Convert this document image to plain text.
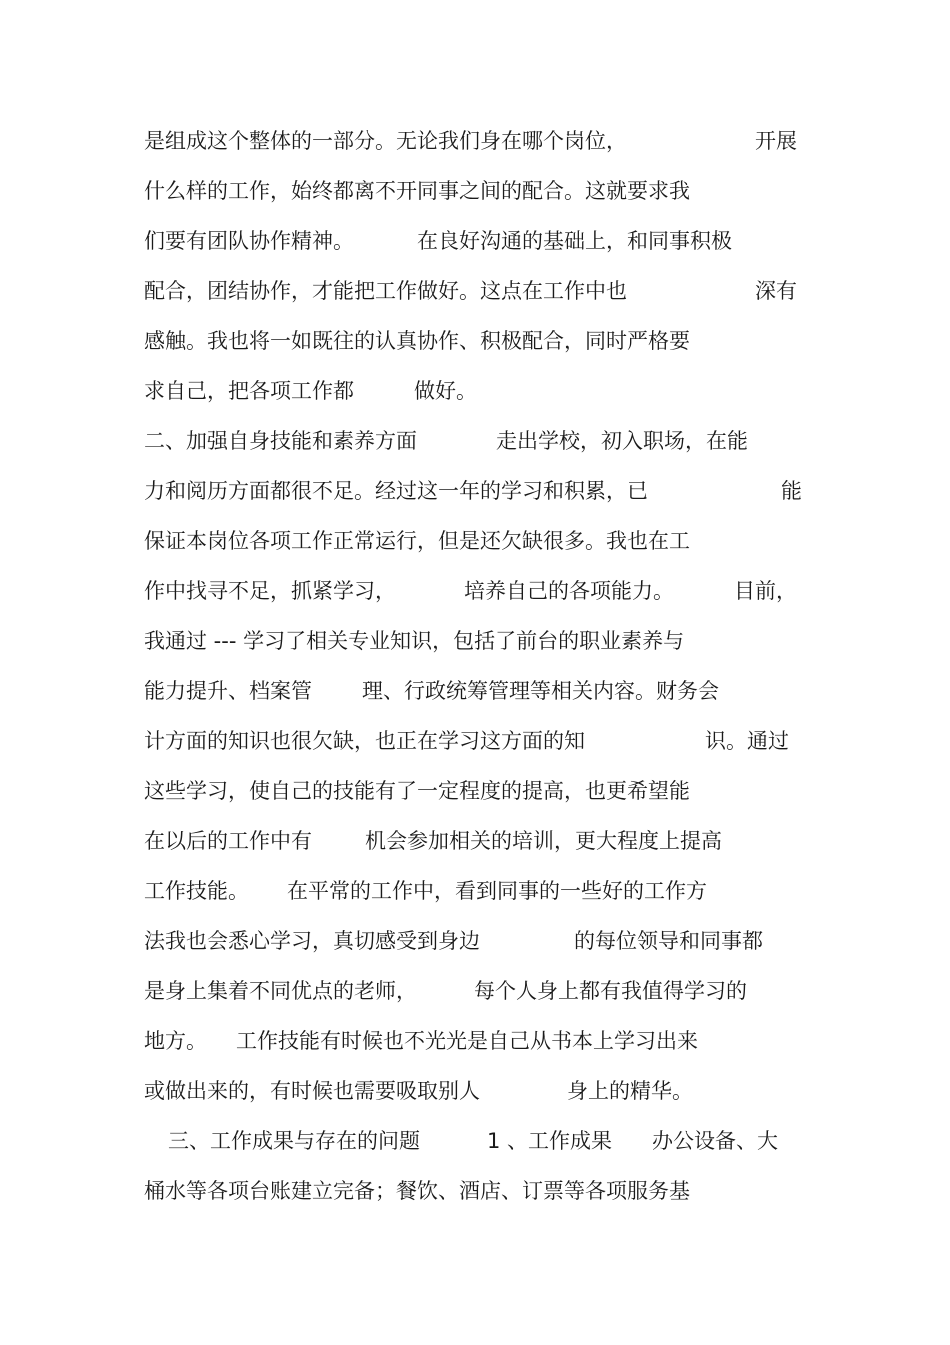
是组成这个整体的一部分。无论我们身在哪个岗位，	开展
什么样的工作，始终都离不开同事之间的配合。这就要求我
们要有团队协作精神。	在良好沟通的基础上，和同事积极
配合，团结协作，才能把工作做好。这点在工作中也	深有
感触。我也将一如既往的认真协作、积极配合，同时严格要
求自己，把各项工作都	做好。
二、加强自身技能和素养方面	走出学校，初入职场，在能
力和阅历方面都很不足。经过这一年的学习和积累，已	能
保证本岗位各项工作正常运行，但是还欠缺很多。我也在工
作中找寻不足，抓紧学习，	培养自己的各项能力。	目前，
我通过 --- 学习了相关专业知识，包括了前台的职业素养与
能力提升、档案管 理、行政统筹管理等相关内容。财务会
计方面的知识也很欠缺，也正在学习这方面的知	识。通过
这些学习，使自己的技能有了一定程度的提高，也更希望能
在以后的工作中有	机会参加相关的培训，更大程度上提高
工作技能。 在平常的工作中，看到同事的一些好的工作方
法我也会悉心学习，真切感受到身边	的每位领导和同事都
是身上集着不同优点的老师，	每个人身上都有我值得学习的
地方。 工作技能有时候也不光光是自己从书本上学习出来
或做出来的，有时候也需要吸取别人	身上的精华。
三、工作成果与存在的问题	1 、工作成果 办公设备、大
桶水等各项台账建立完备；餐饮、酒店、订票等各项服务基
